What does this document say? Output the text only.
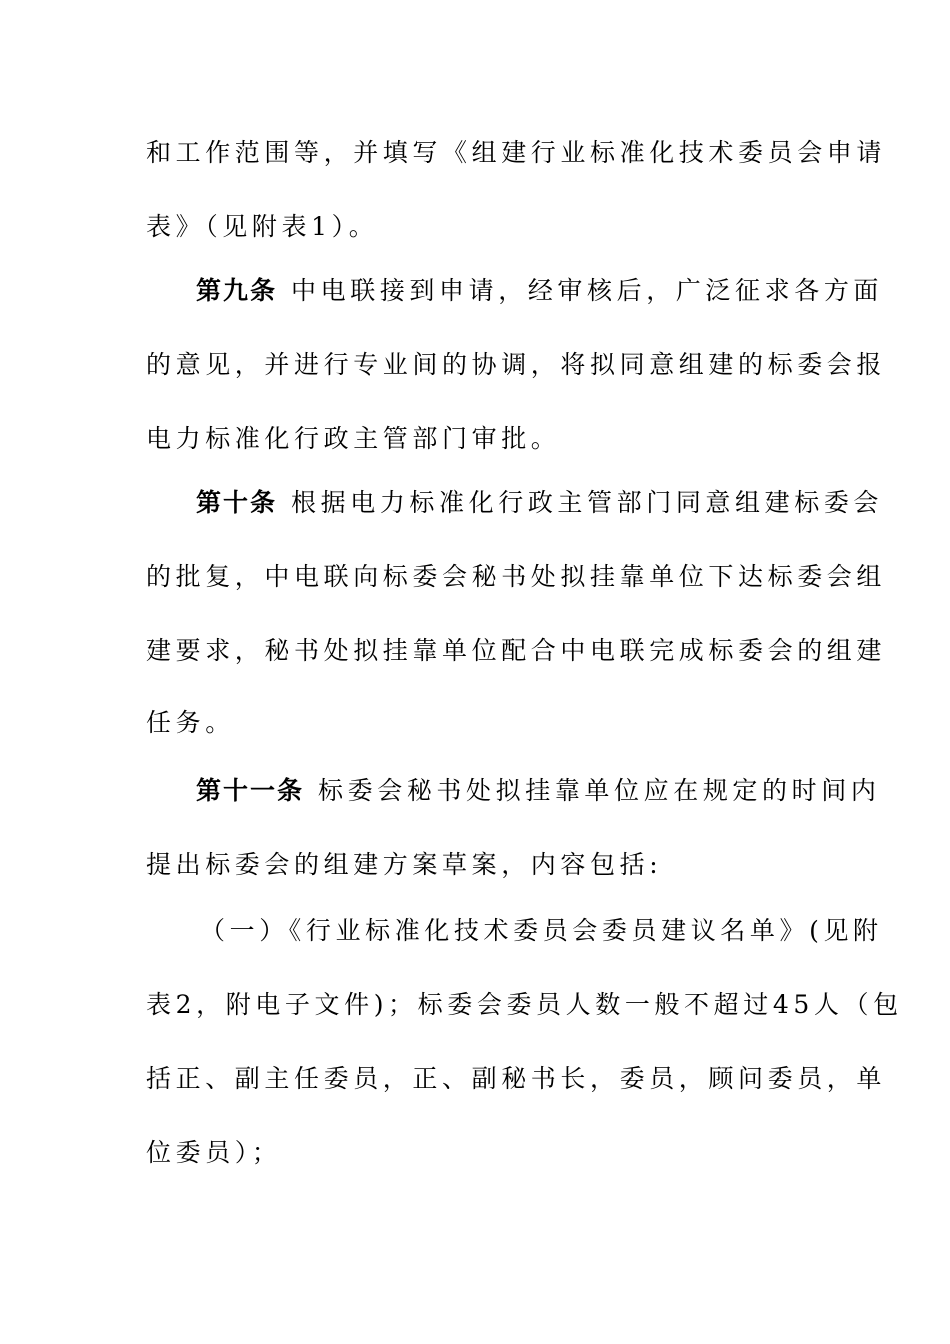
和工作范围等，并填写《组建行业标准化技术委员会申请
表》（见附表1）。
第九条 中电联接到申请，经审核后，广泛征求各方面
的意见，并进行专业间的协调，将拟同意组建的标委会报
电力标准化行政主管部门审批。
第十条 根据电力标准化行政主管部门同意组建标委会
的批复，中电联向标委会秘书处拟挂靠单位下达标委会组
建要求，秘书处拟挂靠单位配合中电联完成标委会的组建
任务。
第十一条 标委会秘书处拟挂靠单位应在规定的时间内
提出标委会的组建方案草案，内容包括:
（一）《行业标准化技术委员会委员建议名单》(见附
表2，附电子文件)；标委会委员人数一般不超过45人（包
括正、副主任委员，正、副秘书长，委员，顾问委员，单
位委员）；
